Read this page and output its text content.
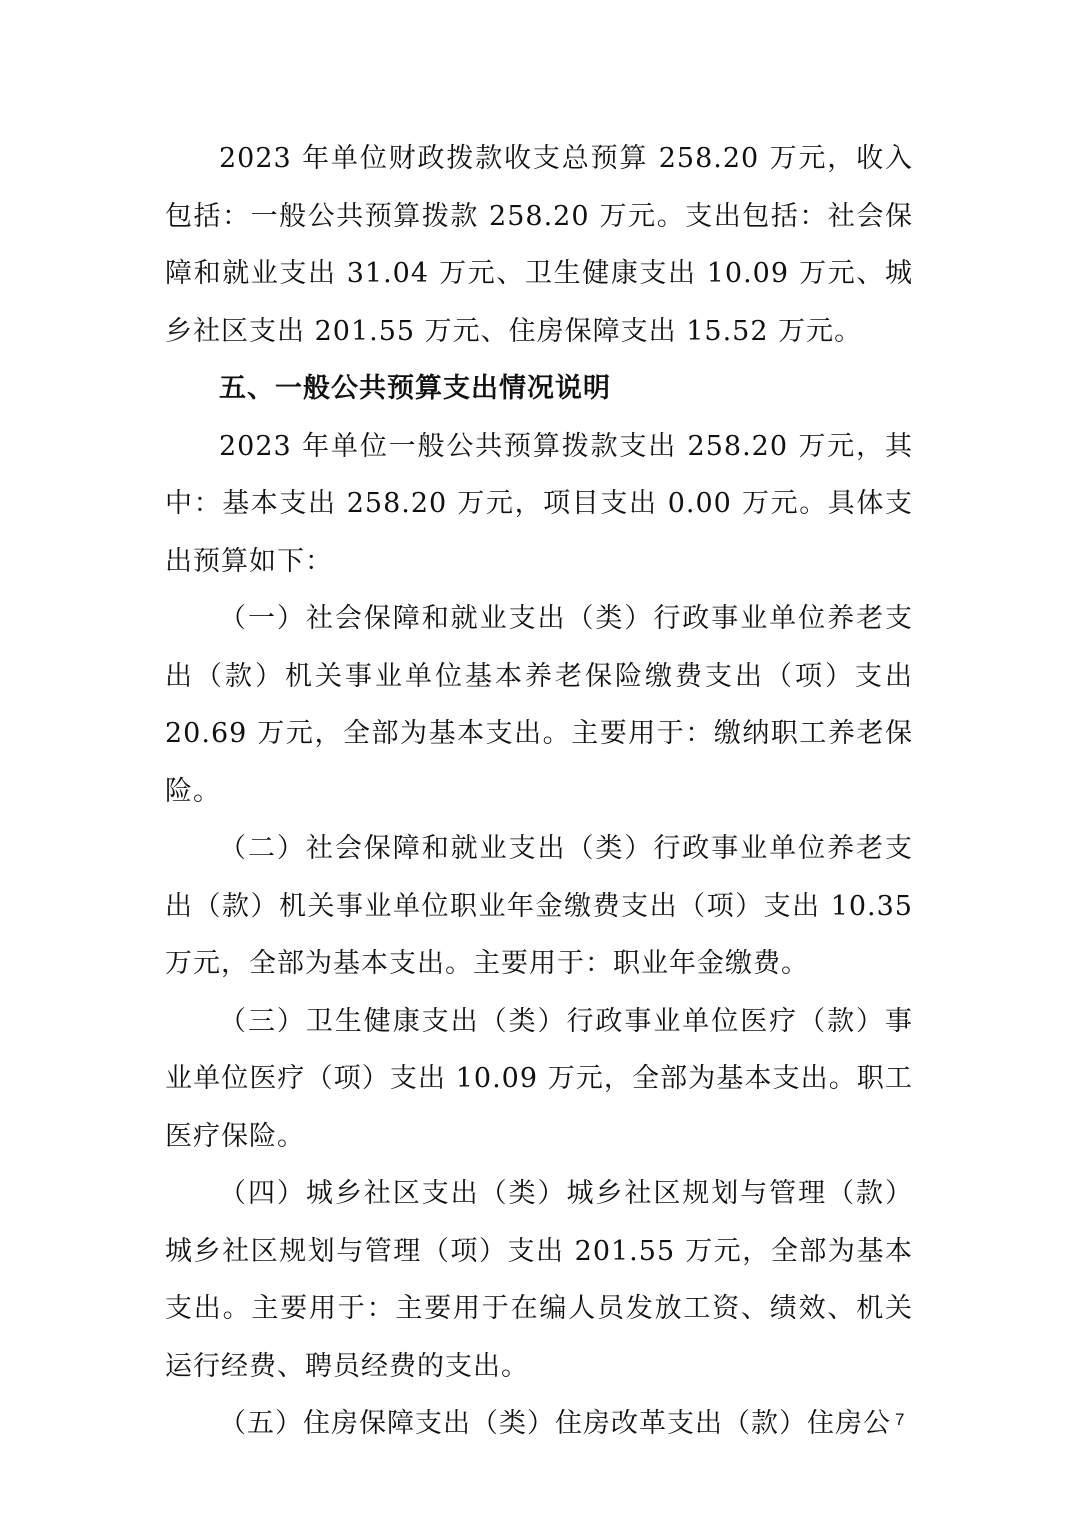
2023 年单位财政拨款收支总预算 258.20 万元，收入包括：一般公共预算拨款 258.20 万元。支出包括：社会保障和就业支出 31.04 万元、卫生健康支出 10.09 万元、城乡社区支出 201.55 万元、住房保障支出 15.52 万元。

五、一般公共预算支出情况说明

2023 年单位一般公共预算拨款支出 258.20 万元，其中：基本支出 258.20 万元，项目支出 0.00 万元。具体支出预算如下：

（一）社会保障和就业支出（类）行政事业单位养老支出（款）机关事业单位基本养老保险缴费支出（项）支出 20.69 万元，全部为基本支出。主要用于：缴纳职工养老保险。

（二）社会保障和就业支出（类）行政事业单位养老支出（款）机关事业单位职业年金缴费支出（项）支出 10.35 万元，全部为基本支出。主要用于：职业年金缴费。

（三）卫生健康支出（类）行政事业单位医疗（款）事业单位医疗（项）支出 10.09 万元，全部为基本支出。职工医疗保险。

（四）城乡社区支出（类）城乡社区规划与管理（款）城乡社区规划与管理（项）支出 201.55 万元，全部为基本支出。主要用于：主要用于在编人员发放工资、绩效、机关运行经费、聘员经费的支出。

（五）住房保障支出（类）住房改革支出（款）住房公 7
